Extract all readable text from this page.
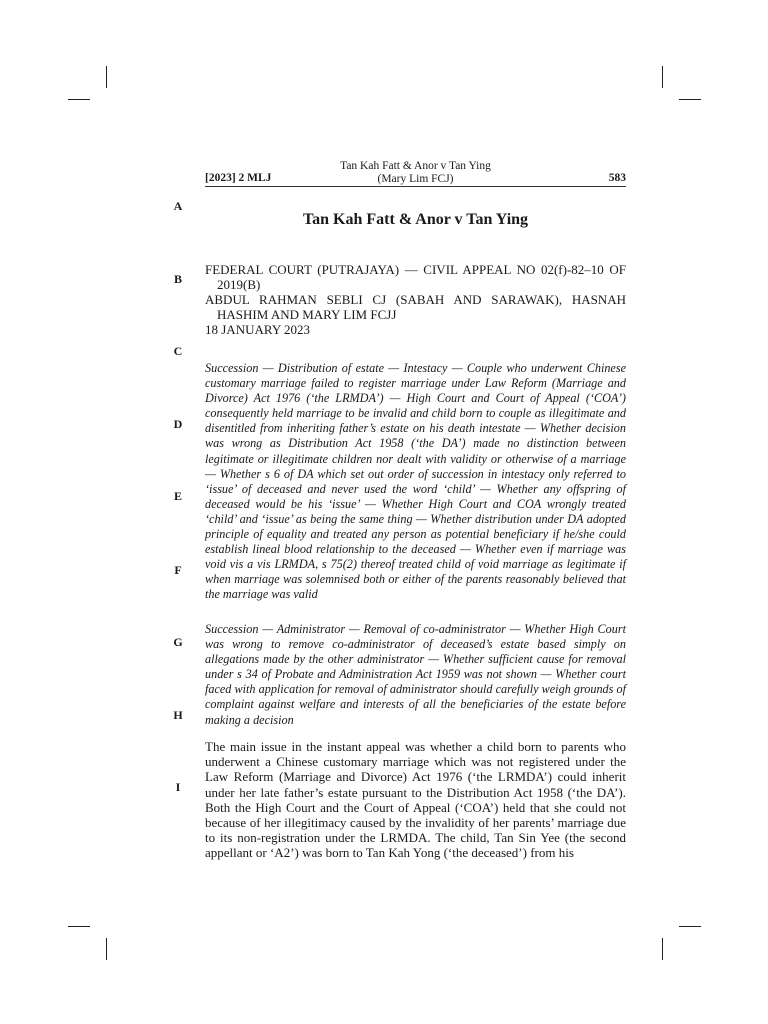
[2023] 2 MLJ
Tan Kah Fatt & Anor v Tan Ying
(Mary Lim FCJ)	583
A
B
C
D
E
F
G
H
I
Tan Kah Fatt & Anor v Tan Ying
FEDERAL COURT (PUTRAJAYA) — CIVIL APPEAL NO 02(f)-82–10 OF 2019(B)
ABDUL RAHMAN SEBLI CJ (SABAH AND SARAWAK), HASNAH HASHIM AND MARY LIM FCJJ
18 JANUARY 2023
Succession — Distribution of estate — Intestacy — Couple who underwent Chinese customary marriage failed to register marriage under Law Reform (Marriage and Divorce) Act 1976 (‘the LRMDA’) — High Court and Court of Appeal (‘COA’) consequently held marriage to be invalid and child born to couple as illegitimate and disentitled from inheriting father’s estate on his death intestate — Whether decision was wrong as Distribution Act 1958 (‘the DA’) made no distinction between legitimate or illegitimate children nor dealt with validity or otherwise of a marriage — Whether s 6 of DA which set out order of succession in intestacy only referred to ‘issue’ of deceased and never used the word ‘child’ — Whether any offspring of deceased would be his ‘issue’ — Whether High Court and COA wrongly treated ‘child’ and ‘issue’ as being the same thing — Whether distribution under DA adopted principle of equality and treated any person as potential beneficiary if he/she could establish lineal blood relationship to the deceased — Whether even if marriage was void vis a vis LRMDA, s 75(2) thereof treated child of void marriage as legitimate if when marriage was solemnised both or either of the parents reasonably believed that the marriage was valid
Succession — Administrator — Removal of co-administrator — Whether High Court was wrong to remove co-administrator of deceased’s estate based simply on allegations made by the other administrator — Whether sufficient cause for removal under s 34 of Probate and Administration Act 1959 was not shown — Whether court faced with application for removal of administrator should carefully weigh grounds of complaint against welfare and interests of all the beneficiaries of the estate before making a decision
The main issue in the instant appeal was whether a child born to parents who underwent a Chinese customary marriage which was not registered under the Law Reform (Marriage and Divorce) Act 1976 (‘the LRMDA’) could inherit under her late father’s estate pursuant to the Distribution Act 1958 (‘the DA’). Both the High Court and the Court of Appeal (‘COA’) held that she could not because of her illegitimacy caused by the invalidity of her parents’ marriage due to its non-registration under the LRMDA. The child, Tan Sin Yee (the second appellant or ‘A2’) was born to Tan Kah Yong (‘the deceased’) from his
